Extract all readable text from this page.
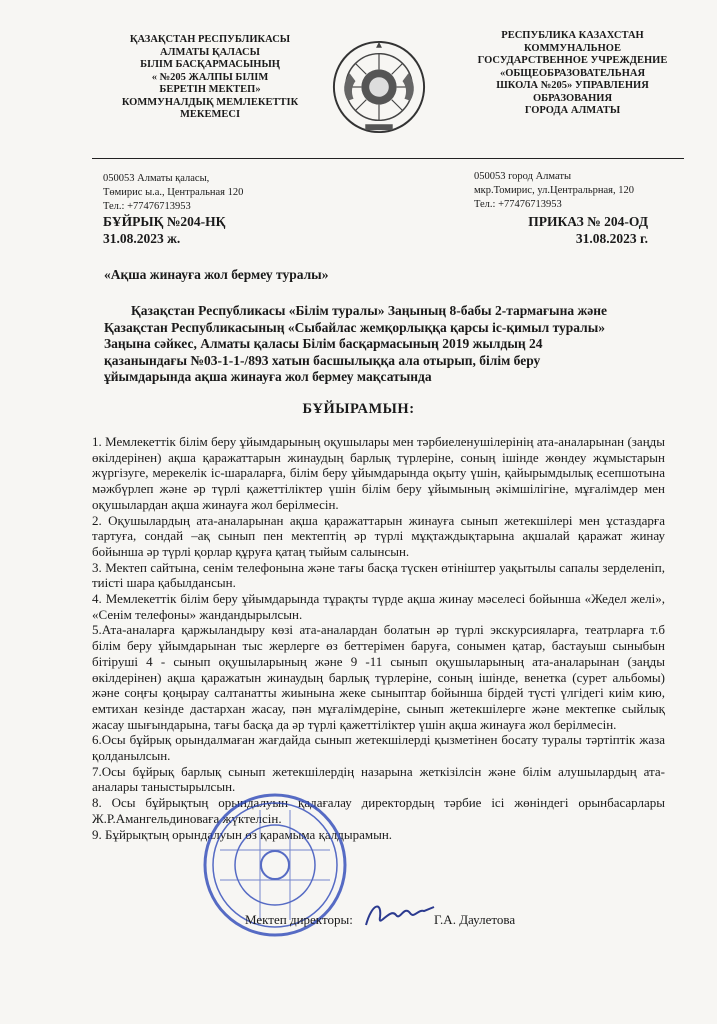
ҚАЗАҚСТАН РЕСПУБЛИКАСЫ
АЛМАТЫ ҚАЛАСЫ
БІЛІМ БАСҚАРМАСЫНЫҢ
« №205 ЖАЛПЫ БІЛІМ
БЕРЕТІН МЕКТЕП»
КОММУНАЛДЫҚ МЕМЛЕКЕТТІК
МЕКЕМЕСІ
РЕСПУБЛИКА КАЗАХСТАН
КОММУНАЛЬНОЕ
ГОСУДАРСТВЕННОЕ УЧРЕЖДЕНИЕ
«ОБЩЕОБРАЗОВАТЕЛЬНАЯ
ШКОЛА №205» УПРАВЛЕНИЯ
ОБРАЗОВАНИЯ
ГОРОДА АЛМАТЫ
050053 Алматы қаласы,
Төмирис ы.а., Центральная 120
Тел.: +77476713953
050053 город Алматы
мкр.Томирис, ул.Центральрная, 120
Тел.: +77476713953
БҰЙРЫҚ №204-НҚ
31.08.2023 ж.
ПРИКАЗ № 204-ОД
31.08.2023 г.
«Ақша жинауға жол бермеу туралы»
Қазақстан Республикасы «Білім туралы» Заңының 8-бабы 2-тармағына және
Қазақстан Республикасының «Сыбайлас жемқорлыққа қарсы іс-қимыл туралы»
Заңына сәйкес, Алматы қаласы Білім басқармасының 2019 жылдың 24
қазанындағы №03-1-1-/893 хатын басшылыққа ала отырып, білім беру
ұйымдарында ақша жинауға жол бермеу мақсатында
БҰЙЫРАМЫН:

1. Мемлекеттік білім беру ұйымдарының оқушылары мен тәрбиеленушілерінің ата-аналарынан (заңды өкілдерінен) ақша қаражаттарын жинаудың барлық түрлеріне, соның ішінде жөндеу жұмыстарын жүргізуге, мерекелік іс-шараларға, білім беру ұйымдарында оқыту үшін, қайырымдылық есепшотына мәжбүрлеп және әр түрлі қажеттіліктер үшін білім беру ұйымының әкімшілігіне, мұғалімдер мен оқушылардан ақша жинауға жол берілмесін.

2. Оқушылардың ата-аналарынан ақша қаражаттарын жинауға сынып жетекшілері мен ұстаздарға тартуға, сондай –ақ сынып пен мектептің әр түрлі мұқтаждықтарына ақшалай қаражат жинау бойынша әр түрлі қорлар құруға қатаң тыйым салынсын.

3. Мектеп сайтына, сенім телефонына және тағы басқа түскен өтініштер уақытылы сапалы зерделеніп, тиісті шара қабылдансын.

4. Мемлекеттік білім беру ұйымдарында тұрақты түрде ақша жинау мәселесі бойынша «Жедел желі», «Сенім телефоны» жандандырылсын.

5.Ата-аналарға қаржыландыру көзі ата-аналардан болатын әр түрлі экскурсияларға, театрларға т.б білім беру ұйымдарынан тыс жерлерге өз беттерімен баруға, сонымен қатар, бастауыш сыныбын бітіруші 4 - сынып оқушыларының және 9 -11 сынып оқушыларының ата-аналарынан (заңды өкілдерінен) ақша қаражатын жинаудың барлық түрлеріне, соның ішінде, венетка (сурет альбомы) және соңғы қоңырау салтанатты жиынына жеке сыныптар бойынша бірдей түсті үлгідегі киім кию, емтихан кезінде дастархан жасау, пән мұғалімдеріне, сынып жетекшілерге және мектепке сыйлық жасау шығындарына, тағы басқа да әр түрлі қажеттіліктер үшін ақша жинауға жол берілмесін.

6.Осы бұйрық орындалмаған жағдайда сынып жетекшілерді қызметінен босату туралы тәртіптік жаза қолданылсын.

7.Осы бұйрық барлық сынып жетекшілердің назарына жеткізілсін және білім алушылардың ата-аналары таныстырылсын.

8. Осы бұйрықтың орындалуын қадағалау директордың тәрбие ісі жөніндегі орынбасарлары Ж.Р.Амангельдиноваға жүктелсін.

9. Бұйрықтың орындалуын өз қарамыма қалдырамын.

Мектеп директоры:	Г.А. Даулетова
